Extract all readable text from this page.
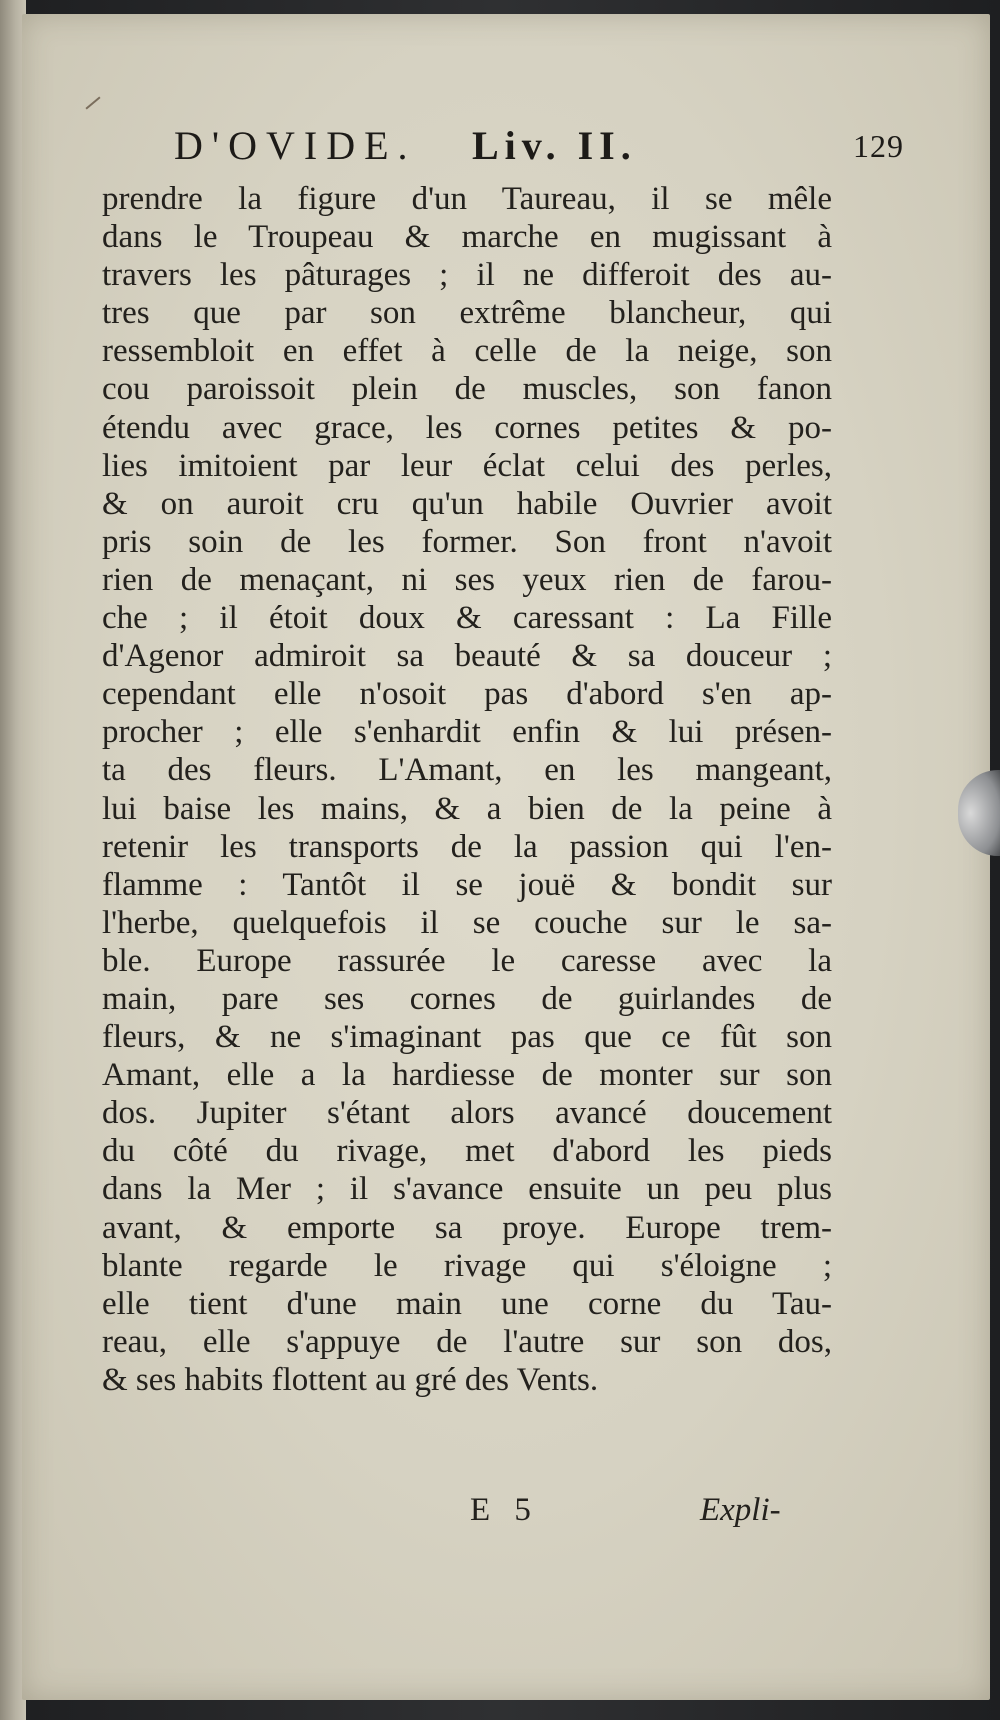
D'OVIDE. Liv. II.	129
prendre la figure d'un Taureau, il se mêle
dans le Troupeau & marche en mugissant à
travers les pâturages ; il ne differoit des au-
tres que par son extrême blancheur, qui
ressembloit en effet à celle de la neige, son
cou paroissoit plein de muscles, son fanon
étendu avec grace, les cornes petites & po-
lies imitoient par leur éclat celui des perles,
& on auroit cru qu'un habile Ouvrier avoit
pris soin de les former. Son front n'avoit
rien de menaçant, ni ses yeux rien de farou-
che ; il étoit doux & caressant : La Fille
d'Agenor admiroit sa beauté & sa douceur ;
cependant elle n'osoit pas d'abord s'en ap-
procher ; elle s'enhardit enfin & lui présen-
ta des fleurs. L'Amant, en les mangeant,
lui baise les mains, & a bien de la peine à
retenir les transports de la passion qui l'en-
flamme : Tantôt il se jouë & bondit sur
l'herbe, quelquefois il se couche sur le sa-
ble. Europe rassurée le caresse avec la
main, pare ses cornes de guirlandes de
fleurs, & ne s'imaginant pas que ce fût son
Amant, elle a la hardiesse de monter sur son
dos. Jupiter s'étant alors avancé doucement
du côté du rivage, met d'abord les pieds
dans la Mer ; il s'avance ensuite un peu plus
avant, & emporte sa proye. Europe trem-
blante regarde le rivage qui s'éloigne ;
elle tient d'une main une corne du Tau-
reau, elle s'appuye de l'autre sur son dos,
& ses habits flottent au gré des Vents.
E 5	Expli-
